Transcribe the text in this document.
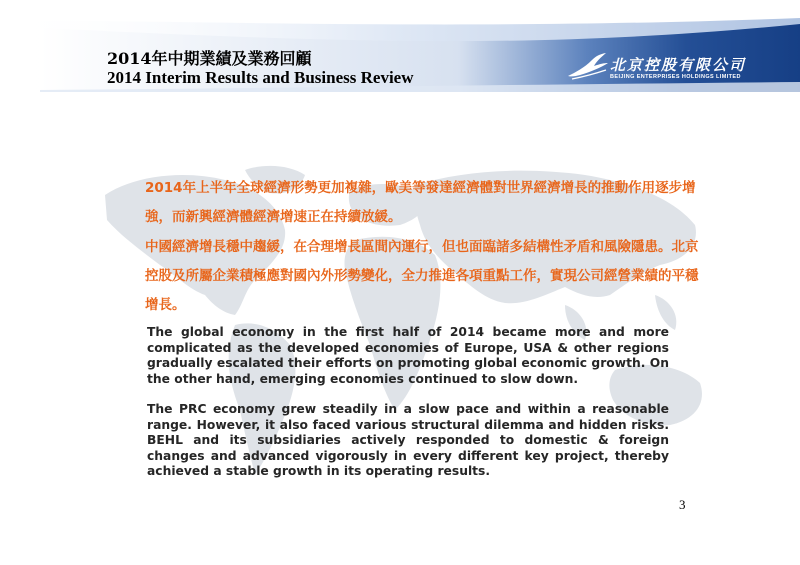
2014年中期業績及業務回顧
2014 Interim Results and Business Review
北京控股有限公司
BEIJING ENTERPRISES HOLDINGS LIMITED

2014年上半年全球經濟形勢更加複雜，歐美等發達經濟體對世界經濟增長的推動作用逐步增強，而新興經濟體經濟增速正在持續放緩。

中國經濟增長穩中趨緩，在合理增長區間內運行，但也面臨諸多結構性矛盾和風險隱患。北京控股及所屬企業積極應對國內外形勢變化，全力推進各項重點工作，實現公司經營業績的平穩增長。

The global economy in the first half of 2014 became more and more complicated as the developed economies of Europe, USA & other regions gradually escalated their efforts on promoting global economic growth. On the other hand, emerging economies continued to slow down.

The PRC economy grew steadily in a slow pace and within a reasonable range. However, it also faced various structural dilemma and hidden risks. BEHL and its subsidiaries actively responded to domestic & foreign changes and advanced vigorously in every different key project, thereby achieved a stable growth in its operating results.

3
